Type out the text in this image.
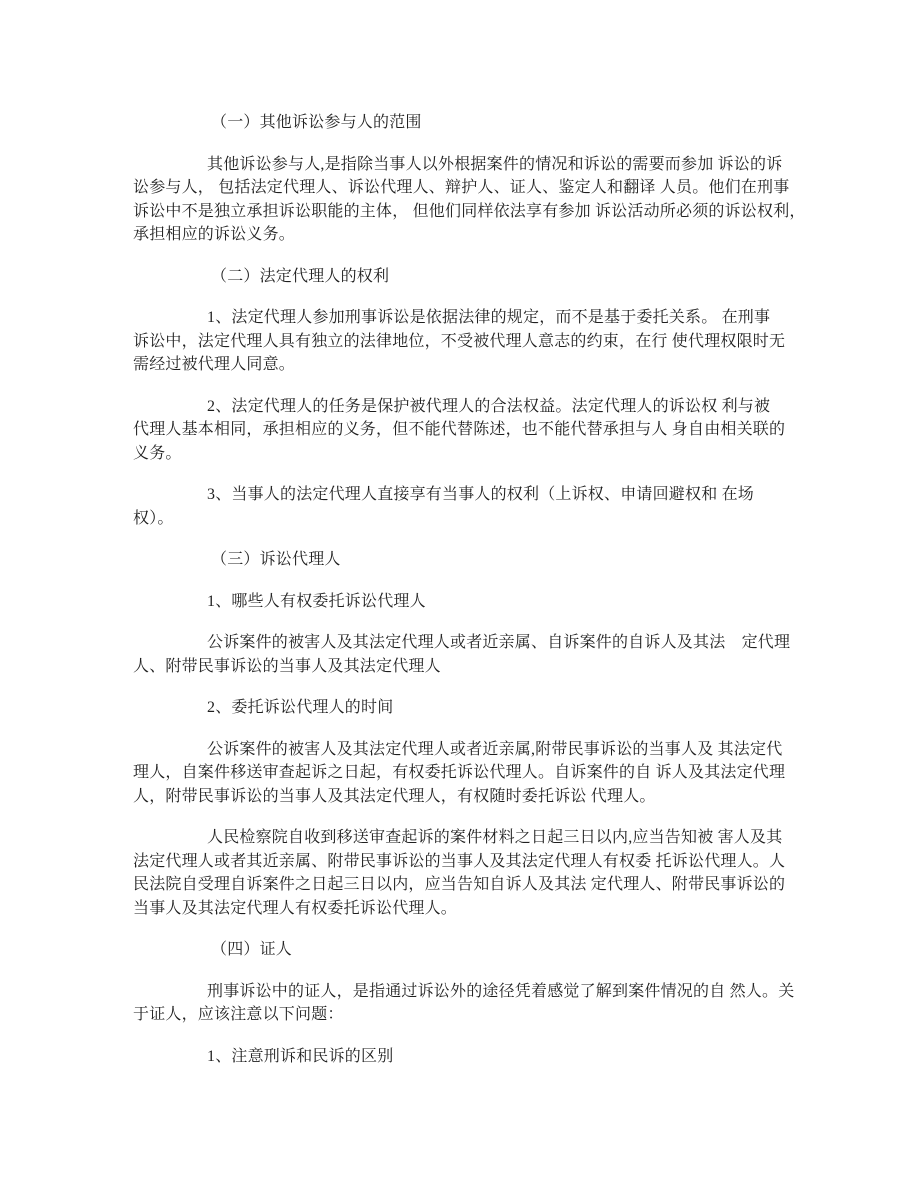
（一）其他诉讼参与人的范围
其他诉讼参与人,是指除当事人以外根据案件的情况和诉讼的需要而参加 诉讼的诉
讼参与人， 包括法定代理人、诉讼代理人、辩护人、证人、鉴定人和翻译 人员。他们在刑事
诉讼中不是独立承担诉讼职能的主体， 但他们同样依法享有参加 诉讼活动所必须的诉讼权利，
承担相应的诉讼义务。
（二）法定代理人的权利
1、法定代理人参加刑事诉讼是依据法律的规定，而不是基于委托关系。 在刑事
诉讼中，法定代理人具有独立的法律地位，不受被代理人意志的约束，在行 使代理权限时无
需经过被代理人同意。
2、法定代理人的任务是保护被代理人的合法权益。法定代理人的诉讼权 利与被
代理人基本相同，承担相应的义务，但不能代替陈述，也不能代替承担与人 身自由相关联的
义务。
3、当事人的法定代理人直接享有当事人的权利（上诉权、申请回避权和 在场
权）。
（三）诉讼代理人
1、哪些人有权委托诉讼代理人
公诉案件的被害人及其法定代理人或者近亲属、自诉案件的自诉人及其法　定代理
人、附带民事诉讼的当事人及其法定代理人
2、委托诉讼代理人的时间
公诉案件的被害人及其法定代理人或者近亲属,附带民事诉讼的当事人及 其法定代
理人，自案件移送审查起诉之日起，有权委托诉讼代理人。自诉案件的自 诉人及其法定代理
人，附带民事诉讼的当事人及其法定代理人，有权随时委托诉讼 代理人。
人民检察院自收到移送审查起诉的案件材料之日起三日以内,应当告知被 害人及其
法定代理人或者其近亲属、附带民事诉讼的当事人及其法定代理人有权委 托诉讼代理人。人
民法院自受理自诉案件之日起三日以内，应当告知自诉人及其法 定代理人、附带民事诉讼的
当事人及其法定代理人有权委托诉讼代理人。
（四）证人
刑事诉讼中的证人，是指通过诉讼外的途径凭着感觉了解到案件情况的自 然人。关
于证人，应该注意以下问题：
1、注意刑诉和民诉的区别
